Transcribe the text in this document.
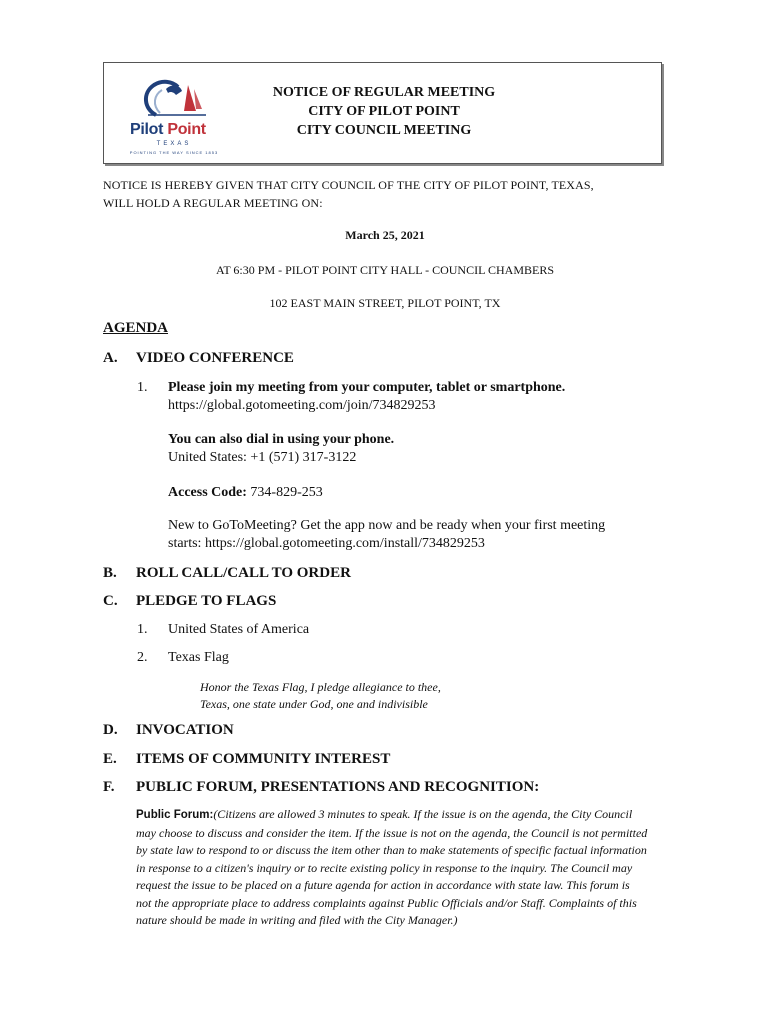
Pilot Point
TEXAS
POINTING THE WAY SINCE 1853
NOTICE OF REGULAR MEETING
CITY OF PILOT POINT
CITY COUNCIL MEETING
NOTICE IS HEREBY GIVEN THAT CITY COUNCIL OF THE CITY OF PILOT POINT, TEXAS,
WILL HOLD A REGULAR MEETING ON:
March 25, 2021
AT 6:30 PM - PILOT POINT CITY HALL - COUNCIL CHAMBERS
102 EAST MAIN STREET, PILOT POINT, TX
AGENDA
A. VIDEO CONFERENCE
1. Please join my meeting from your computer, tablet or smartphone.
https://global.gotomeeting.com/join/734829253
You can also dial in using your phone.
United States: +1 (571) 317-3122
Access Code: 734-829-253
New to GoToMeeting? Get the app now and be ready when your first meeting
starts: https://global.gotomeeting.com/install/734829253
B. ROLL CALL/CALL TO ORDER
C. PLEDGE TO FLAGS
1. United States of America
2. Texas Flag
Honor the Texas Flag, I pledge allegiance to thee,
Texas, one state under God, one and indivisible
D. INVOCATION
E. ITEMS OF COMMUNITY INTEREST
F. PUBLIC FORUM, PRESENTATIONS AND RECOGNITION:
Public Forum:(Citizens are allowed 3 minutes to speak. If the issue is on the agenda, the City Council may choose to discuss and consider the item. If the issue is not on the agenda, the Council is not permitted by state law to respond to or discuss the item other than to make statements of specific factual information in response to a citizen's inquiry or to recite existing policy in response to the inquiry. The Council may request the issue to be placed on a future agenda for action in accordance with state law. This forum is not the appropriate place to address complaints against Public Officials and/or Staff. Complaints of this nature should be made in writing and filed with the City Manager.)
